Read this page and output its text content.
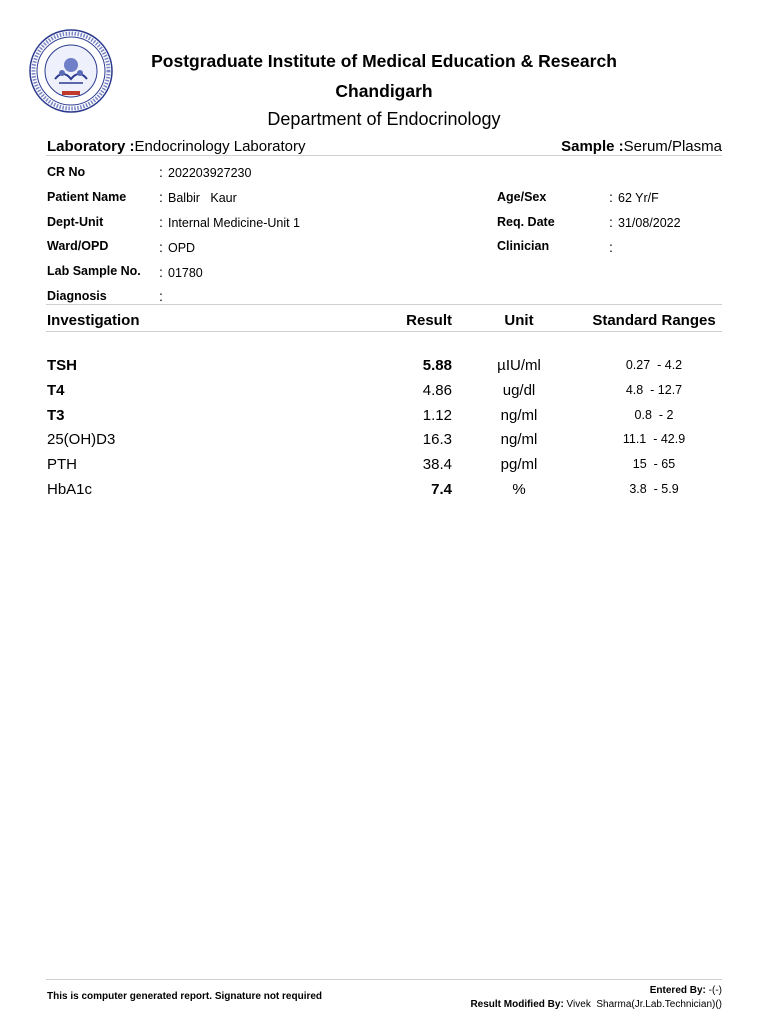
Postgraduate Institute of Medical Education & Research
Chandigarh
Department of Endocrinology
Laboratory :Endocrinology Laboratory	Sample :Serum/Plasma
CR No	: 202203927230
Patient Name : Balbir   Kaur
Dept-Unit	: Internal Medicine-Unit 1
Ward/OPD	: OPD
Lab Sample No. : 01780
Diagnosis	:
Age/Sex	: 62 Yr/F
Req. Date	: 31/08/2022
Clinician	:
Investigation	Result	Unit	Standard Ranges
TSH	5.88	µIU/ml	0.27  - 4.2
T4	4.86	ug/dl	4.8  - 12.7
T3	1.12	ng/ml	0.8  - 2
25(OH)D3	16.3	ng/ml	11.1  - 42.9
PTH	38.4	pg/ml	15  - 65
HbA1c	7.4	%	3.8  - 5.9
This is computer generated report. Signature not required
Entered By: -(-)
Result Modified By: Vivek  Sharma(Jr.Lab.Technician)()
